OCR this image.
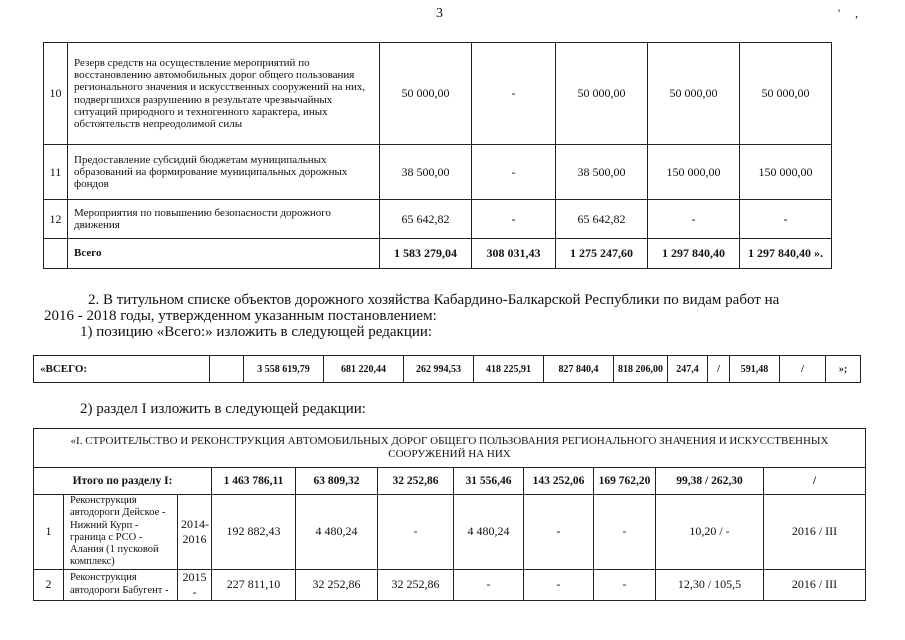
3	' ,
10	Резерв средств на осуществление мероприятий по восстановлению автомобильных дорог общего пользования регионального значения и искусственных сооружений на них, подвергшихся разрушению в результате чрезвычайных ситуаций природного и техногенного характера, иных обстоятельств непреодолимой силы	50 000,00	-	50 000,00	50 000,00	50 000,00
11	Предоставление субсидий бюджетам муниципальных образований на формирование муниципальных дорожных фондов	38 500,00	-	38 500,00	150 000,00	150 000,00
12	Мероприятия по повышению безопасности дорожного движения	65 642,82	-	65 642,82	-	-
	Всего	1 583 279,04	308 031,43	1 275 247,60	1 297 840,40	1 297 840,40 ».
2. В титульном списке объектов дорожного хозяйства Кабардино-Балкарской Республики по видам работ на
2016 - 2018 годы, утвержденном указанным постановлением:
1) позицию «Всего:» изложить в следующей редакции:
«ВСЕГО:		3 558 619,79	681 220,44	262 994,53	418 225,91	827 840,4	818 206,00	247,4	/	591,48	/	»;
2) раздел I изложить в следующей редакции:
«I. СТРОИТЕЛЬСТВО И РЕКОНСТРУКЦИЯ АВТОМОБИЛЬНЫХ ДОРОГ ОБЩЕГО ПОЛЬЗОВАНИЯ РЕГИОНАЛЬНОГО ЗНАЧЕНИЯ И ИСКУССТВЕННЫХ СООРУЖЕНИЙ НА НИХ										
Итого по разделу I:			1 463 786,11	63 809,32	32 252,86	31 556,46	143 252,06	169 762,20	99,38 / 262,30	/
1	Реконструкция автодороги Дейское - Нижний Курп - граница с РСО - Алания (1 пусковой комплекс)	2014-2016	192 882,43	4 480,24	-	4 480,24	-	-	10,20 / -	2016 / III
2	Реконструкция автодороги Бабугент -	2015 -	227 811,10	32 252,86	32 252,86	-	-	-	12,30 / 105,5	2016 / III
